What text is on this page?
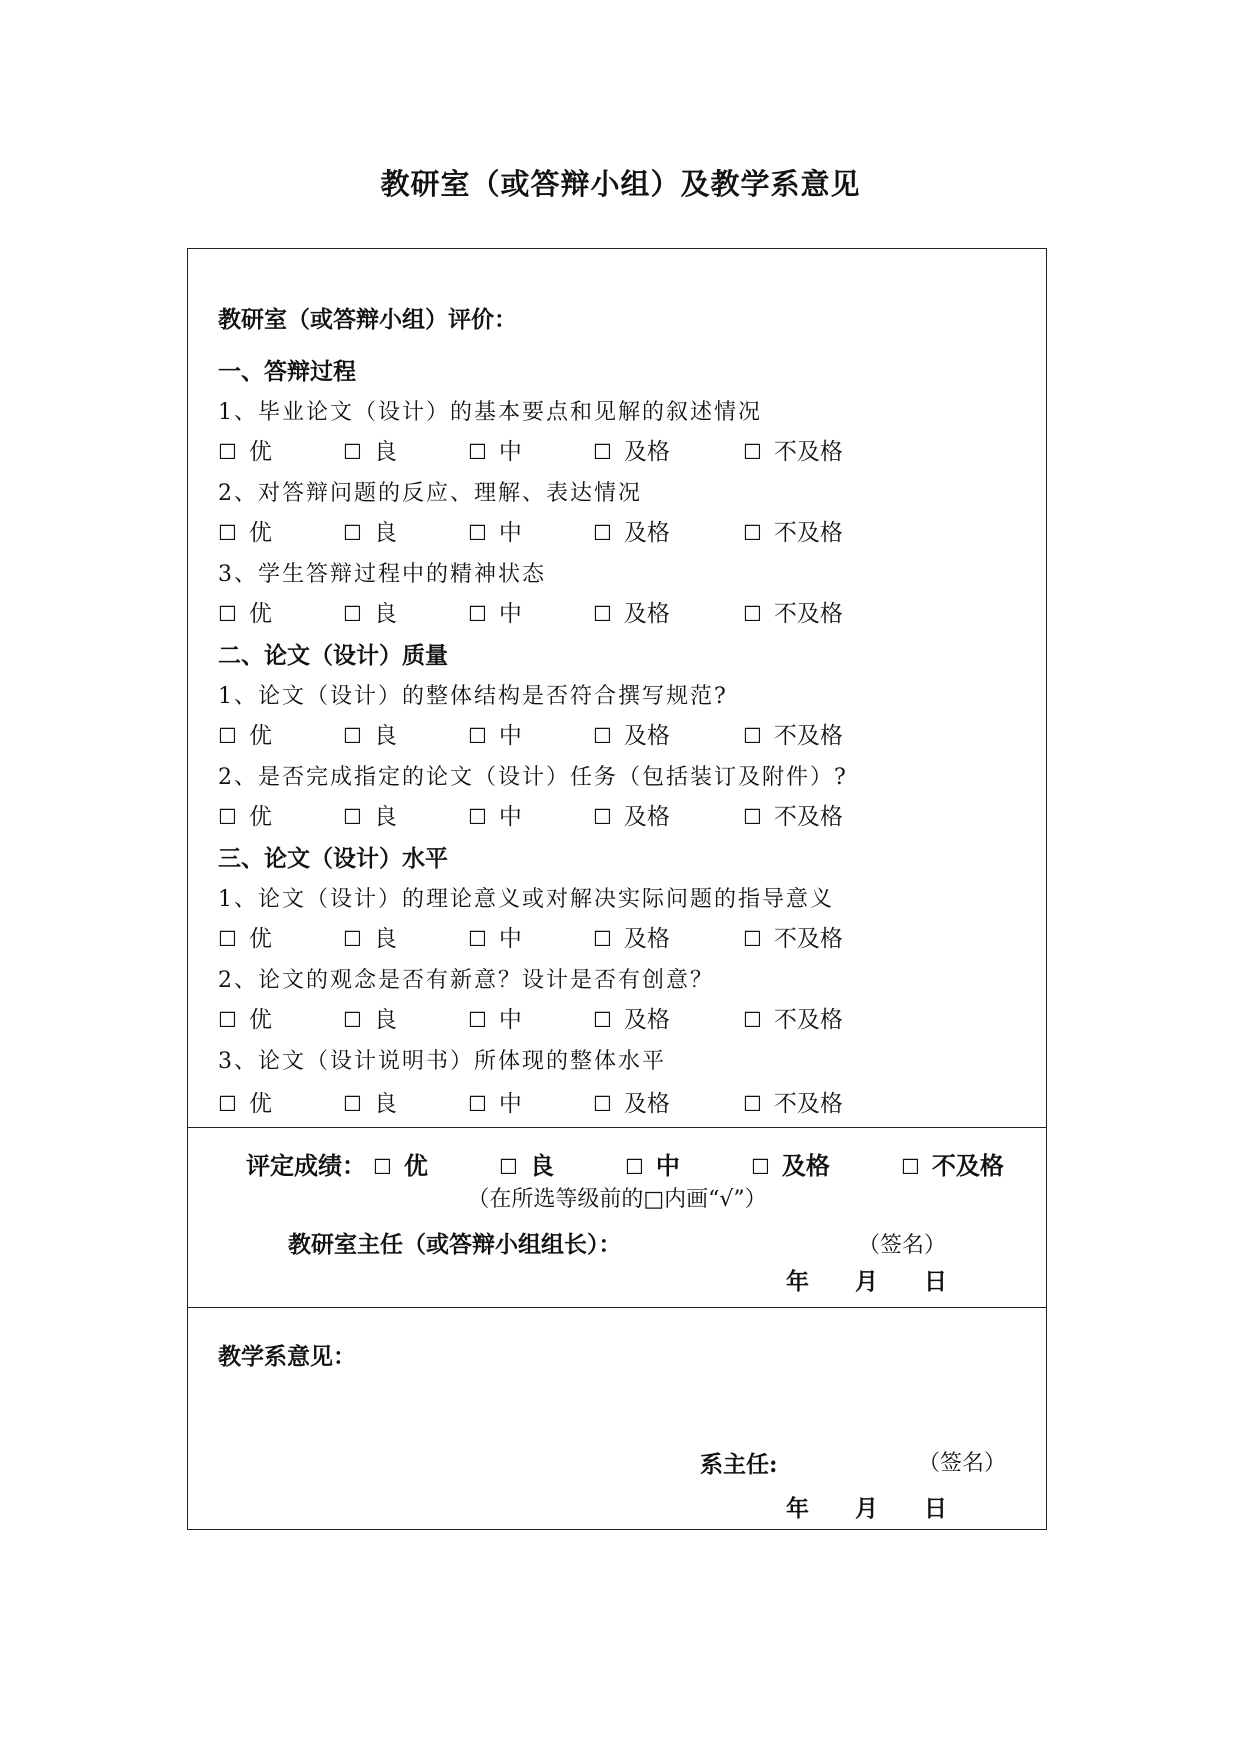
教研室（或答辩小组）及教学系意见
教研室（或答辩小组）评价：
一、答辩过程
1、毕业论文（设计）的基本要点和见解的叙述情况
☐ 优	☐ 良	☐ 中	☐ 及格	☐ 不及格
2、对答辩问题的反应、理解、表达情况
☐ 优	☐ 良	☐ 中	☐ 及格	☐ 不及格
3、学生答辩过程中的精神状态
☐ 优	☐ 良	☐ 中	☐ 及格	☐ 不及格
二、论文（设计）质量
1、论文（设计）的整体结构是否符合撰写规范?
☐ 优	☐ 良	☐ 中	☐ 及格	☐ 不及格
2、是否完成指定的论文（设计）任务（包括装订及附件）?
☐ 优	☐ 良	☐ 中	☐ 及格	☐ 不及格
三、论文（设计）水平
1、论文（设计）的理论意义或对解决实际问题的指导意义
☐ 优	☐ 良	☐ 中	☐ 及格	☐ 不及格
2、论文的观念是否有新意？设计是否有创意？
☐ 优	☐ 良	☐ 中	☐ 及格	☐ 不及格
3、论文（设计说明书）所体现的整体水平
☐ 优	☐ 良	☐ 中	☐ 及格	☐ 不及格
评定成绩： ☐ 优	☐ 良	☐ 中	☐ 及格	☐ 不及格
（在所选等级前的□内画“√”）
教研室主任（或答辩小组组长）：	（签名）
年 月 日
教学系意见：
系主任:	（签名）
年 月 日
